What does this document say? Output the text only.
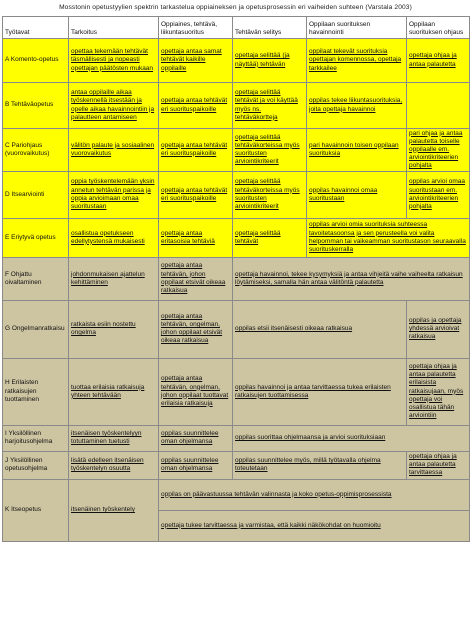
Mosstonin opetustyylien spektrin tarkastelua oppiaineksen ja opetusprosessin eri vaiheiden suhteen (Varstala 2003)
Työtavat	Tarkoitus	Oppiaines, tehtävä, liikuntasuoritus	Tehtävän selitys	Oppilaan suorituksen havainnointi	Oppilaan suorituksen ohjaus
A Komento-opetus	opettaa tekemään tehtävät täsmällisesti ja nopeasti opettajan päätösten mukaan	opettaja antaa samat tehtävät kaikille oppilaille	opettaja selittää (ja näyttää) tehtävän	oppilaat tekevät suorituksia opettajan komennossa, opettaja tarkkailee	opettaja ohjaa ja antaa palautetta
B Tehtäväopetus	antaa oppilaille aikaa työskennellä itsestään ja opelle aikaa havainnointiin ja palautteen antamiseen	opettaja antaa tehtävät eri suorituspaikoille	opettaja selittää tehtävät ja voi käyttää myös ns. tehtäväkortteja	oppilas tekee liikuntasuorituksia, joita opettaja havainnoi	
C Pariohjaus (vuorovaikutus)	välitön palaute ja sosiaalinen vuorovaikutus	opettaja antaa tehtävät eri suorituspaikoille	opettaja selittää tehtäväkorteissa myös suoritusten arviointikriteerit	pari havainnoin toisen oppilaan suorituksia	pari ohjaa ja antaa palautetta toiselle oppilaalle em. arviointikriteerien pohjalta
D Itsearviointi	oppia työskentelemään yksin annetun tehtävän parissa ja oppia arvioimaan omaa suoritustaan	opettaja antaa tehtävät eri suorituspaikoille	opettaja selittää tehtäväkorteissa myös suoritusten arviointikriteerit	oppilas havainnoi omaa suoritustaan	oppilas arvioi omaa suoritustaan em. arviointikriteerien pohjalta
E Eriytyvä opetus	osallistua opetukseen edellytystensä mukaisesti	opettaja antaa eritasoisia tehtäviä	opettaja selittää tehtävät	oppilas arvioi omia suorituksia suhteessa tavoitetasoonsa ja sen perusteella voi valita helpomman tai vaikeamman suoritustason seuraavalla suorituskerralla	
F Ohjattu oivaltaminen	johdonmukaisen ajattelun kehittäminen	opettaja antaa tehtävän, johon oppilaat etsivät oikeaa ratkaisua	opettaja havainnoi, tekee kysymyksiä ja antaa vihjeitä vaihe vaiheelta ratkaisun löytämiseksi, samalla hän antaa välitöntä palautetta		
G Ongelmanratkaisu	ratkaista esiin nostettu ongelma	opettaja antaa tehtävän, ongelman, johon oppilaat etsivät oikeaa ratkaisua	oppilas etsii itsenäisesti oikeaa ratkaisua		oppilas ja opettaja yhdessä arvioivat ratkaisua
H Erilaisten ratkaisujen tuottaminen	tuottaa erilaisia ratkaisuja yhteen tehtävään	opettaja antaa tehtävän, ongelman, johon oppilaat tuottavat erilaisia ratkaisuja	oppilas havainnoi ja antaa tarvittaessa tukea erilaisten ratkaisujen tuottamisessa		opettaja ohjaa ja antaa palautetta erilaisista ratkaisujaan, myös opettaja voi osallistua tähän arviointiin
I Yksilöllinen harjoitusohjelma	itsenäisen työskentelyyn totuttaminen tuetusti	oppilas suunnittelee oman ohjelmansa	oppilas suorittaa ohjelmaansa ja arvioi suorituksiaan		
J Yksilöllinen opetusohjelma	lisätä edelleen itsenäisen työskentelyn osuutta	oppilas suunnittelee oman ohjelmansa	oppilas suunnittelee myös, millä työtavalla ohjelma toteutetaan		opettaja ohjaa ja antaa palautetta tarvittaessa
K Itseopetus	itsenäinen työskentely	oppilas on päävastuussa tehtävän valinnasta ja koko opetus-oppimisprosessista			
		opettaja tukee tarvittaessa ja varmistaa, että kaikki näkökohdat on huomioitu			
